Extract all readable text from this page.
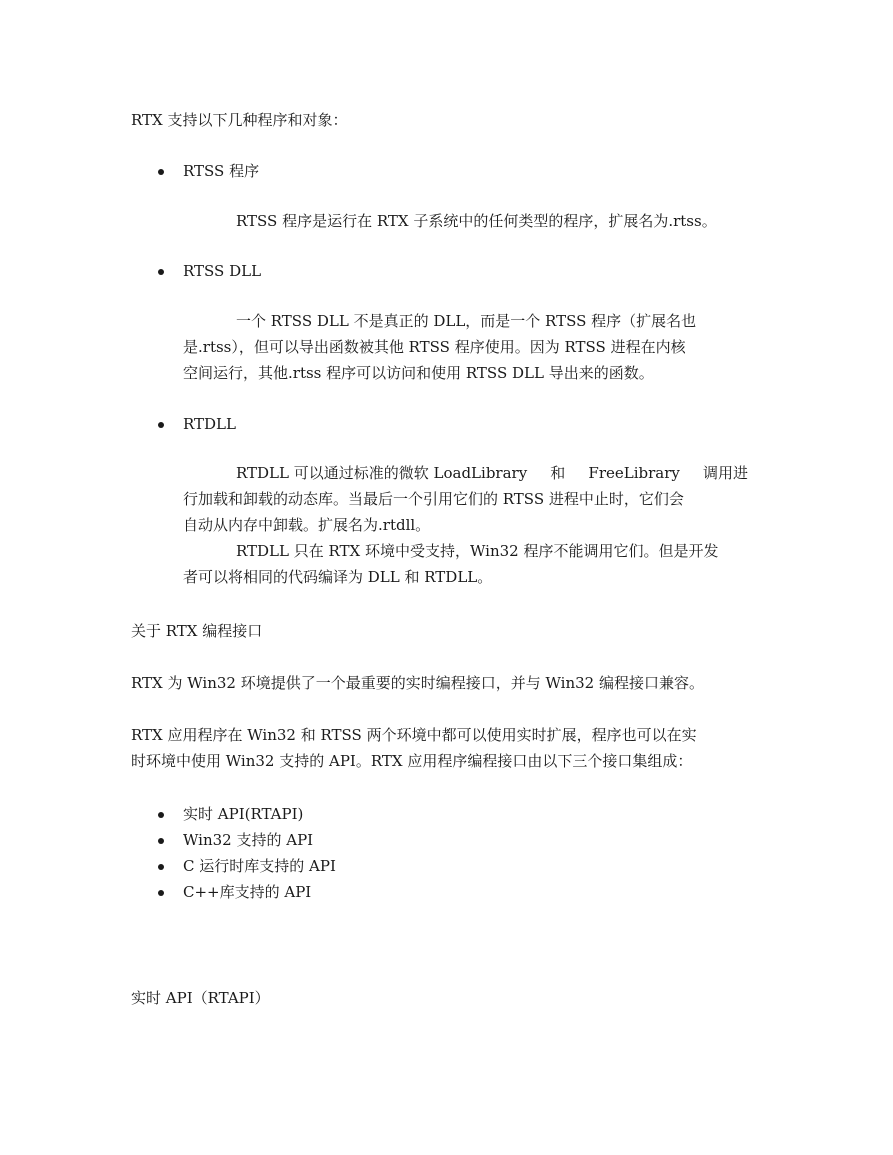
RTX 支持以下几种程序和对象：
RTSS 程序
RTSS 程序是运行在 RTX 子系统中的任何类型的程序，扩展名为.rtss。
RTSS DLL
一个 RTSS DLL 不是真正的 DLL，而是一个 RTSS 程序（扩展名也
是.rtss），但可以导出函数被其他 RTSS 程序使用。因为 RTSS 进程在内核
空间运行，其他.rtss 程序可以访问和使用 RTSS DLL 导出来的函数。
RTDLL
RTDLL 可以通过标准的微软 LoadLibrary 和 FreeLibrary 调用进
行加载和卸载的动态库。当最后一个引用它们的 RTSS 进程中止时，它们会
自动从内存中卸载。扩展名为.rtdll。
RTDLL 只在 RTX 环境中受支持，Win32 程序不能调用它们。但是开发
者可以将相同的代码编译为 DLL 和 RTDLL。
关于 RTX 编程接口
RTX 为 Win32 环境提供了一个最重要的实时编程接口，并与 Win32 编程接口兼容。
RTX 应用程序在 Win32 和 RTSS 两个环境中都可以使用实时扩展，程序也可以在实
时环境中使用 Win32 支持的 API。RTX 应用程序编程接口由以下三个接口集组成：
实时 API(RTAPI)
Win32 支持的 API
C 运行时库支持的 API
C++库支持的 API
实时 API（RTAPI）
